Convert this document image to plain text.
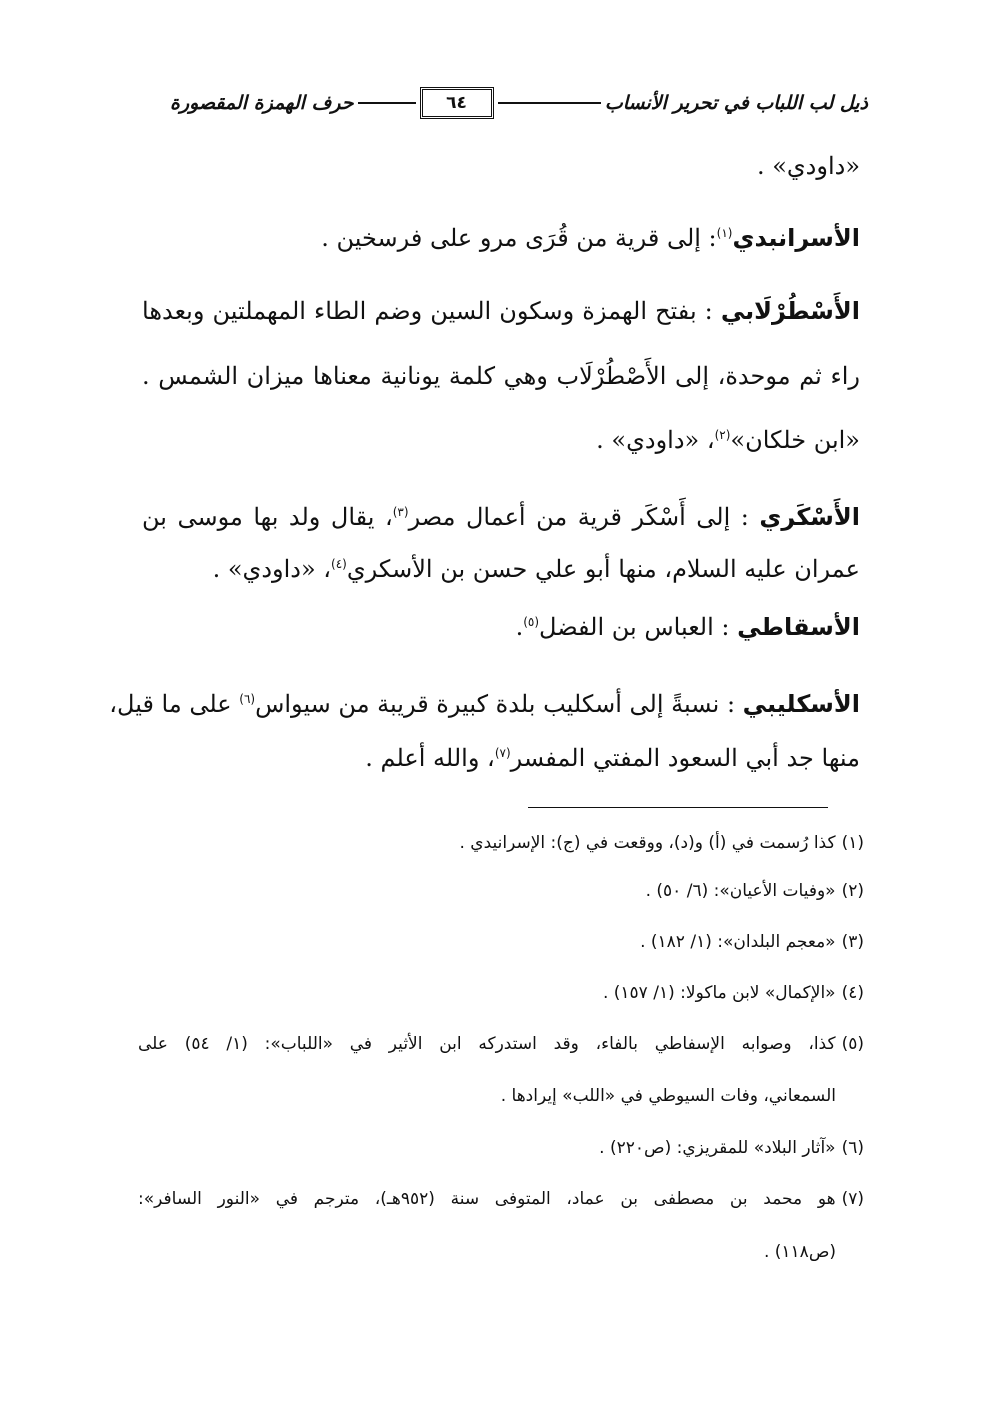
حرف الهمزة المقصورة	٦٤	ذيل لب اللباب في تحرير الأنساب
«داودي» .
الأسرانبدي$^{(١)}$: إلى قرية من قُرَى مرو على فرسخين .
الأَسْطُرْلَابي : بفتح الهمزة وسكون السين وضم الطاء المهملتين وبعدها
راء ثم موحدة، إلى الأَصْطُرْلَاب وهي كلمة يونانية معناها ميزان الشمس .
«ابن خلكان»$^{(٢)}$، «داودي» .
الأَسْكَري : إلى أَسْكَر قرية من أعمال مصر$^{(٣)}$، يقال ولد بها موسى بن
عمران عليه السلام، منها أبو علي حسن بن الأسكري$^{(٤)}$، «داودي» .
الأسقاطي : العباس بن الفضل$^{(٥)}$.
الأسكليبي : نسبةً إلى أسكليب بلدة كبيرة قريبة من سيواس$^{(٦)}$ على ما قيل،
منها جد أبي السعود المفتي المفسر$^{(٧)}$، والله أعلم .
(١)كذا رُسمت في (أ) و(د)، ووقعت في (ج): الإسرانيدي .
(٢)«وفيات الأعيان»: (٦/ ٥٠) .
(٣)«معجم البلدان»: (١/ ١٨٢) .
(٤)«الإكمال» لابن ماكولا: (١/ ١٥٧) .
(٥)كذا، وصوابه الإسفاطي بالفاء، وقد استدركه ابن الأثير في «اللباب»: (١/ ٥٤) على
السمعاني، وفات السيوطي في «اللب» إيرادها .
(٦)«آثار البلاد» للمقريزي: (ص٢٢٠) .
(٧)هو محمد بن مصطفى بن عماد، المتوفى سنة (٩٥٢هـ)، مترجم في «النور السافر»:
(ص١١٨) .
